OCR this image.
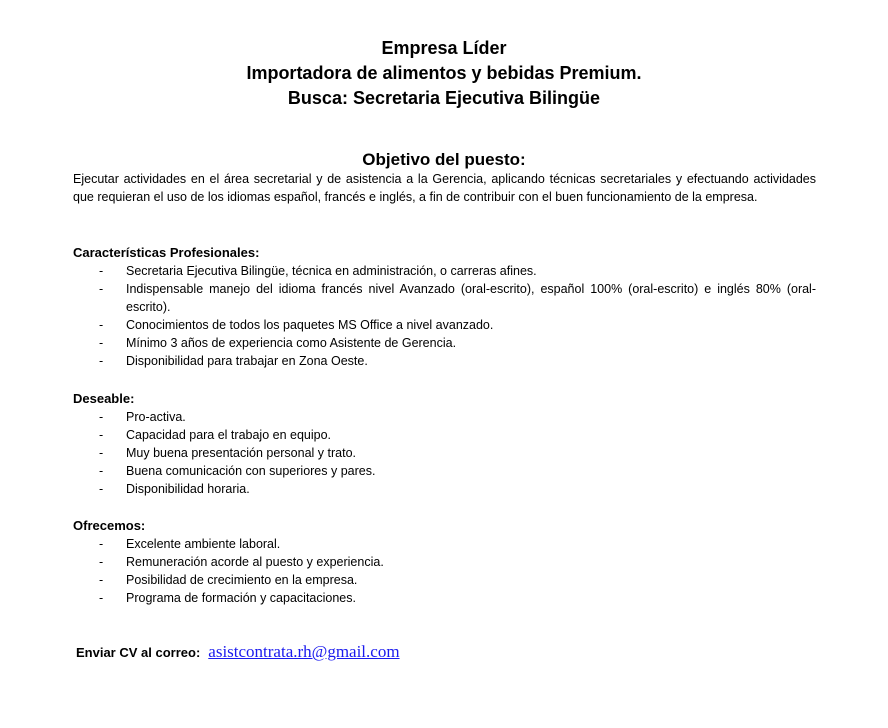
Empresa Líder
Importadora de alimentos y bebidas Premium.
Busca: Secretaria Ejecutiva Bilingüe
Objetivo del puesto:
Ejecutar actividades en el área secretarial y de asistencia a la Gerencia, aplicando técnicas secretariales y efectuando actividades que requieran el uso de los idiomas español, francés e inglés, a fin de contribuir con el buen funcionamiento de la empresa.
Características Profesionales:
- Secretaria Ejecutiva Bilingüe, técnica en administración, o carreras afines.
- Indispensable manejo del idioma francés nivel Avanzado (oral-escrito), español 100% (oral-escrito) e inglés 80% (oral-escrito).
- Conocimientos de todos los paquetes MS Office a nivel avanzado.
- Mínimo 3 años de experiencia como Asistente de Gerencia.
- Disponibilidad para trabajar en Zona Oeste.
Deseable:
- Pro-activa.
- Capacidad para el trabajo en equipo.
- Muy buena presentación personal y trato.
- Buena comunicación con superiores y pares.
- Disponibilidad horaria.
Ofrecemos:
- Excelente ambiente laboral.
- Remuneración acorde al puesto y experiencia.
- Posibilidad de crecimiento en la empresa.
- Programa de formación y capacitaciones.
Enviar CV al correo: asistcontrata.rh@gmail.com
